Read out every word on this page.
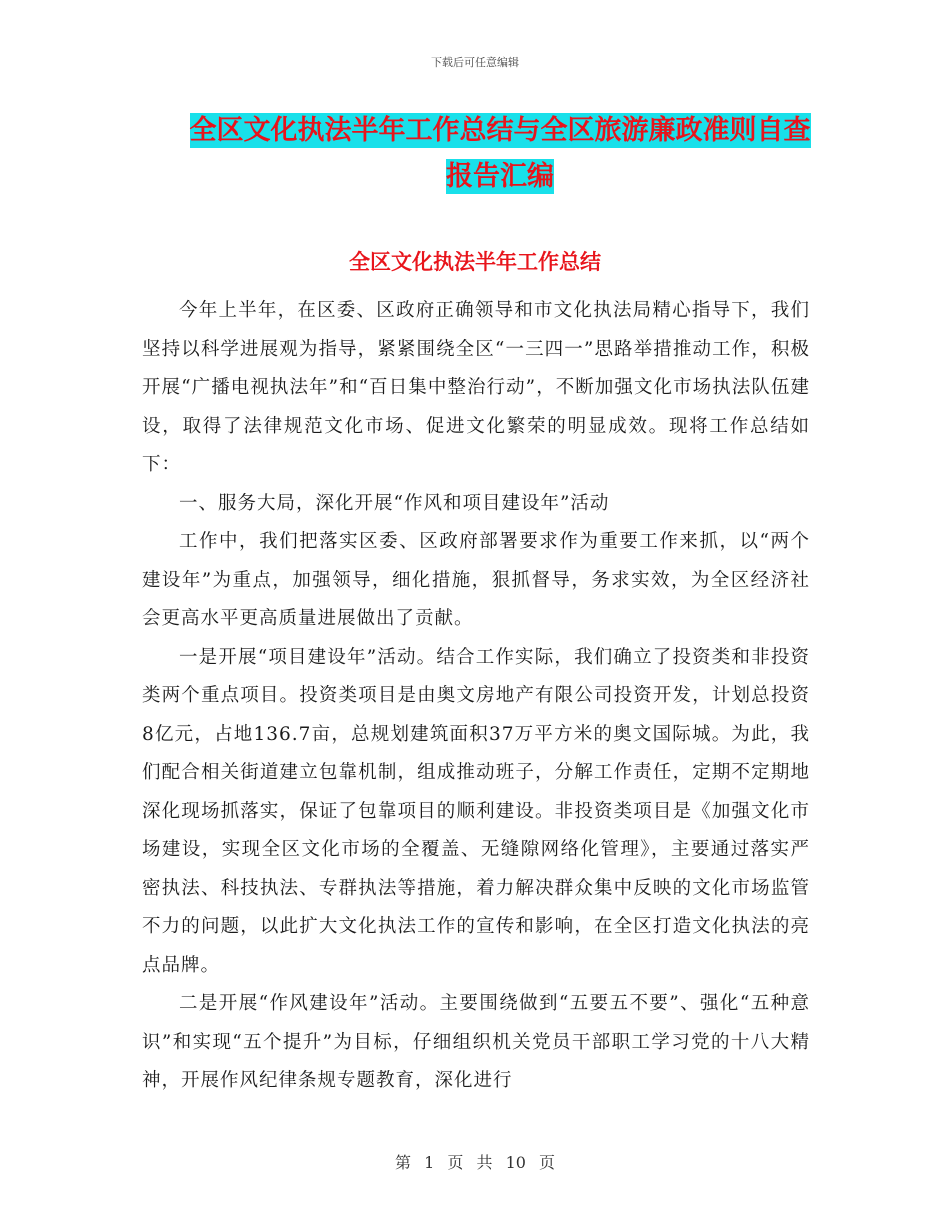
下载后可任意编辑
全区文化执法半年工作总结与全区旅游廉政准则自查
报告汇编
全区文化执法半年工作总结

今年上半年，在区委、区政府正确领导和市文化执法局精心指导下，我们坚持以科学进展观为指导，紧紧围绕全区“一三四一”思路举措推动工作，积极开展“广播电视执法年”和“百日集中整治行动”，不断加强文化市场执法队伍建设，取得了法律规范文化市场、促进文化繁荣的明显成效。现将工作总结如下：

一、服务大局，深化开展“作风和项目建设年”活动

工作中，我们把落实区委、区政府部署要求作为重要工作来抓，以“两个建设年”为重点，加强领导，细化措施，狠抓督导，务求实效，为全区经济社会更高水平更高质量进展做出了贡献。

一是开展“项目建设年”活动。结合工作实际，我们确立了投资类和非投资类两个重点项目。投资类项目是由奥文房地产有限公司投资开发，计划总投资8亿元，占地136.7亩，总规划建筑面积37万平方米的奥文国际城。为此，我们配合相关街道建立包靠机制，组成推动班子，分解工作责任，定期不定期地深化现场抓落实，保证了包靠项目的顺利建设。非投资类项目是《加强文化市场建设，实现全区文化市场的全覆盖、无缝隙网络化管理》，主要通过落实严密执法、科技执法、专群执法等措施，着力解决群众集中反映的文化市场监管不力的问题，以此扩大文化执法工作的宣传和影响，在全区打造文化执法的亮点品牌。

二是开展“作风建设年”活动。主要围绕做到“五要五不要”、强化“五种意识”和实现“五个提升”为目标，仔细组织机关党员干部职工学习党的十八大精神，开展作风纪律条规专题教育，深化进行

第 1 页 共 10 页
